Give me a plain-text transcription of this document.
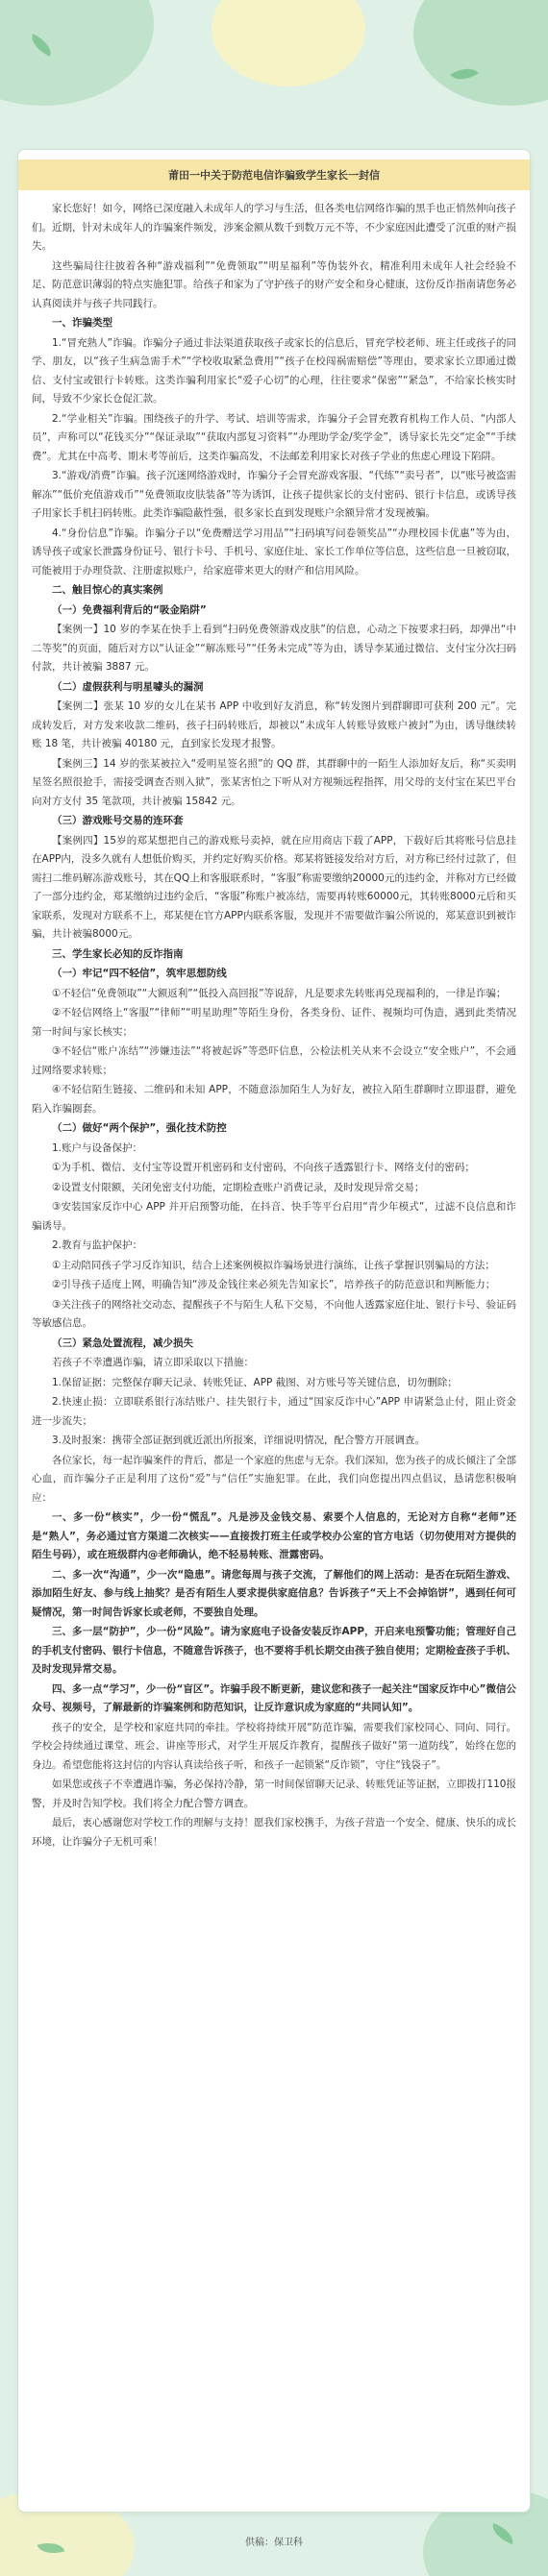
莆田一中关于防范电信诈骗致学生家长一封信
家长您好！如今，网络已深度融入未成年人的学习与生活，但各类电信网络诈骗的黑手也正悄然伸向孩子们。近期，针对未成年人的诈骗案件频发，涉案金额从数千到数万元不等，不少家庭因此遭受了沉重的财产损失。
这些骗局往往披着各种“游戏福利”“免费领取”“明星福利”等伪装外衣，精准利用未成年人社会经验不足、防范意识薄弱的特点实施犯罪。给孩子和家为了守护孩子的财产安全和身心健康，这份反诈指南请您务必认真阅读并与孩子共同践行。
一、诈骗类型
1.“冒充熟人”诈骗。诈骗分子通过非法渠道获取孩子或家长的信息后，冒充学校老师、班主任或孩子的同学、朋友，以“孩子生病急需手术”“学校收取紧急费用”“孩子在校闯祸需赔偿”等理由，要求家长立即通过微信、支付宝或银行卡转账。这类诈骗利用家长“爱子心切”的心理，往往要求“保密”“紧急”，不给家长核实时间，导致不少家长仓促汇款。
2.“学业相关”诈骗。围绕孩子的升学、考试、培训等需求，诈骗分子会冒充教育机构工作人员、“内部人员”，声称可以“花钱买分”“保证录取”“获取内部复习资料”“办理助学金/奖学金”，诱导家长先交“定金”“手续费”。尤其在中高考、期末考等前后，这类诈骗高发，不法邮差利用家长对孩子学业的焦虑心理设下陷阱。
3.“游戏/消费”诈骗。孩子沉迷网络游戏时，诈骗分子会冒充游戏客服、“代练”“卖号者”，以“账号被盗需解冻”“低价充值游戏币”“免费领取皮肤装备”等为诱饵，让孩子提供家长的支付密码、银行卡信息，或诱导孩子用家长手机扫码转账。此类诈骗隐蔽性强，很多家长直到发现账户余额异常才发现被骗。
4.“身份信息”诈骗。诈骗分子以“免费赠送学习用品”“扫码填写问卷领奖品”“办理校园卡优惠”等为由，诱导孩子或家长泄露身份证号、银行卡号、手机号、家庭住址、家长工作单位等信息，这些信息一旦被窃取，可能被用于办理贷款、注册虚拟账户，给家庭带来更大的财产和信用风险。
二、触目惊心的真实案例
（一）免费福利背后的“吸金陷阱”
【案例一】10 岁的李某在快手上看到“扫码免费领游戏皮肤”的信息，心动之下按要求扫码，却弹出“中二等奖”的页面，随后对方以“认证金”“解冻账号”“任务未完成”等为由，诱导李某通过微信、支付宝分次扫码付款，共计被骗 3887 元。
（二）虚假获利与明星噱头的漏洞
【案例二】张某 10 岁的女儿在某书 APP 中收到好友消息，称“转发图片到群聊即可获利 200 元”。完成转发后，对方发来收款二维码，孩子扫码转账后，却被以“未成年人转账导致账户被封”为由，诱导继续转账 18 笔，共计被骗 40180 元，直到家长发现才报警。
【案例三】14 岁的张某被拉入“爱明星签名照”的 QQ 群，其群聊中的一陌生人添加好友后，称“买卖明星签名照很抢手，需接受调查否则入狱”，张某害怕之下听从对方视频远程指挥，用父母的支付宝在某巴平台向对方支付 35 笔款项，共计被骗 15842 元。
（三）游戏账号交易的连环套
【案例四】15岁的郑某想把自己的游戏账号卖掉，就在应用商店下载了APP，下载好后其将账号信息挂在APP内，没多久就有人想低价购买，并约定好购买价格。郑某将链接发给对方后，对方称已经付过款了，但需扫二维码解冻游戏账号，其在QQ上和客服联系时，“客服”称需要缴纳20000元的违约金，并称对方已经做了一部分违约金，郑某缴纳过违约金后，“客服”称账户被冻结，需要再转账60000元，其转账8000元后和买家联系，发现对方联系不上，郑某便在官方APP内联系客服，发现并不需要做诈骗公所说的，郑某意识到被诈骗，共计被骗8000元。
三、学生家长必知的反诈指南
（一）牢记“四不轻信”，筑牢思想防线
①不轻信“免费领取”“大额返利”“低投入高回报”等说辞，凡是要求先转账再兑现福利的，一律是诈骗；
②不轻信网络上“客服”“律师”“明星助理”等陌生身份，各类身份、证件、视频均可伪造，遇到此类情况第一时间与家长核实；
③不轻信“账户冻结”“涉嫌违法”“将被起诉”等恐吓信息，公检法机关从来不会设立“安全账户”，不会通过网络要求转账；
④不轻信陌生链接、二维码和未知 APP，不随意添加陌生人为好友，被拉入陌生群聊时立即退群，避免陷入诈骗圈套。
（二）做好“两个保护”，强化技术防控
1.账户与设备保护：
①为手机、微信、支付宝等设置开机密码和支付密码，不向孩子透露银行卡、网络支付的密码；
②设置支付限额，关闭免密支付功能，定期检查账户消费记录，及时发现异常交易；
③安装国家反诈中心 APP 并开启预警功能，在抖音、快手等平台启用“青少年模式”，过滤不良信息和诈骗诱导。
2.教育与监护保护：
①主动陪同孩子学习反诈知识，结合上述案例模拟诈骗场景进行演练，让孩子掌握识别骗局的方法；
②引导孩子适度上网，明确告知“涉及金钱往来必须先告知家长”，培养孩子的防范意识和判断能力；
③关注孩子的网络社交动态，提醒孩子不与陌生人私下交易，不向他人透露家庭住址、银行卡号、验证码等敏感信息。
（三）紧急处置流程，减少损失
若孩子不幸遭遇诈骗，请立即采取以下措施：
1.保留证据：完整保存聊天记录、转账凭证、APP 截图、对方账号等关键信息，切勿删除；
2.快速止损：立即联系银行冻结账户、挂失银行卡，通过“国家反诈中心”APP 申请紧急止付，阻止资金进一步流失；
3.及时报案：携带全部证据到就近派出所报案，详细说明情况，配合警方开展调查。
各位家长，每一起诈骗案件的背后，都是一个家庭的焦虑与无奈。我们深知，您为孩子的成长倾注了全部心血，而诈骗分子正是利用了这份“爱”与“信任”实施犯罪。在此，我们向您提出四点倡议，恳请您积极响应：
一、多一份“核实”，少一份“慌乱”。凡是涉及金钱交易、索要个人信息的，无论对方自称“老师”还是“熟人”，务必通过官方渠道二次核实——直接拨打班主任或学校办公室的官方电话（切勿使用对方提供的陌生号码），或在班级群内@老师确认，绝不轻易转账、泄露密码。
二、多一次“沟通”，少一次“隐患”。请您每周与孩子交流，了解他们的网上活动：是否在玩陌生游戏、添加陌生好友、参与线上抽奖？是否有陌生人要求提供家庭信息？告诉孩子“天上不会掉馅饼”，遇到任何可疑情况，第一时间告诉家长或老师，不要独自处理。
三、多一层“防护”，少一份“风险”。请为家庭电子设备安装反诈APP，开启来电预警功能；管理好自己的手机支付密码、银行卡信息，不随意告诉孩子，也不要将手机长期交由孩子独自使用；定期检查孩子手机、及时发现异常交易。
四、多一点“学习”，少一份“盲区”。诈骗手段不断更新，建议您和孩子一起关注“国家反诈中心”微信公众号、视频号，了解最新的诈骗案例和防范知识，让反诈意识成为家庭的“共同认知”。
孩子的安全，是学校和家庭共同的牵挂。学校将持续开展“防范诈骗，需要我们家校同心、同向、同行。学校会持续通过课堂、班会、讲座等形式，对学生开展反诈教育，提醒孩子做好“第一道防线”，始终在您的身边。希望您能将这封信的内容认真读给孩子听，和孩子一起锁紧“反诈锁”，守住“钱袋子”。
如果您或孩子不幸遭遇诈骗，务必保持冷静，第一时间保留聊天记录、转账凭证等证据，立即拨打110报警，并及时告知学校。我们将全力配合警方调查。
最后，衷心感谢您对学校工作的理解与支持！愿我们家校携手，为孩子营造一个安全、健康、快乐的成长环境，让诈骗分子无机可乘！
供稿：保卫科
